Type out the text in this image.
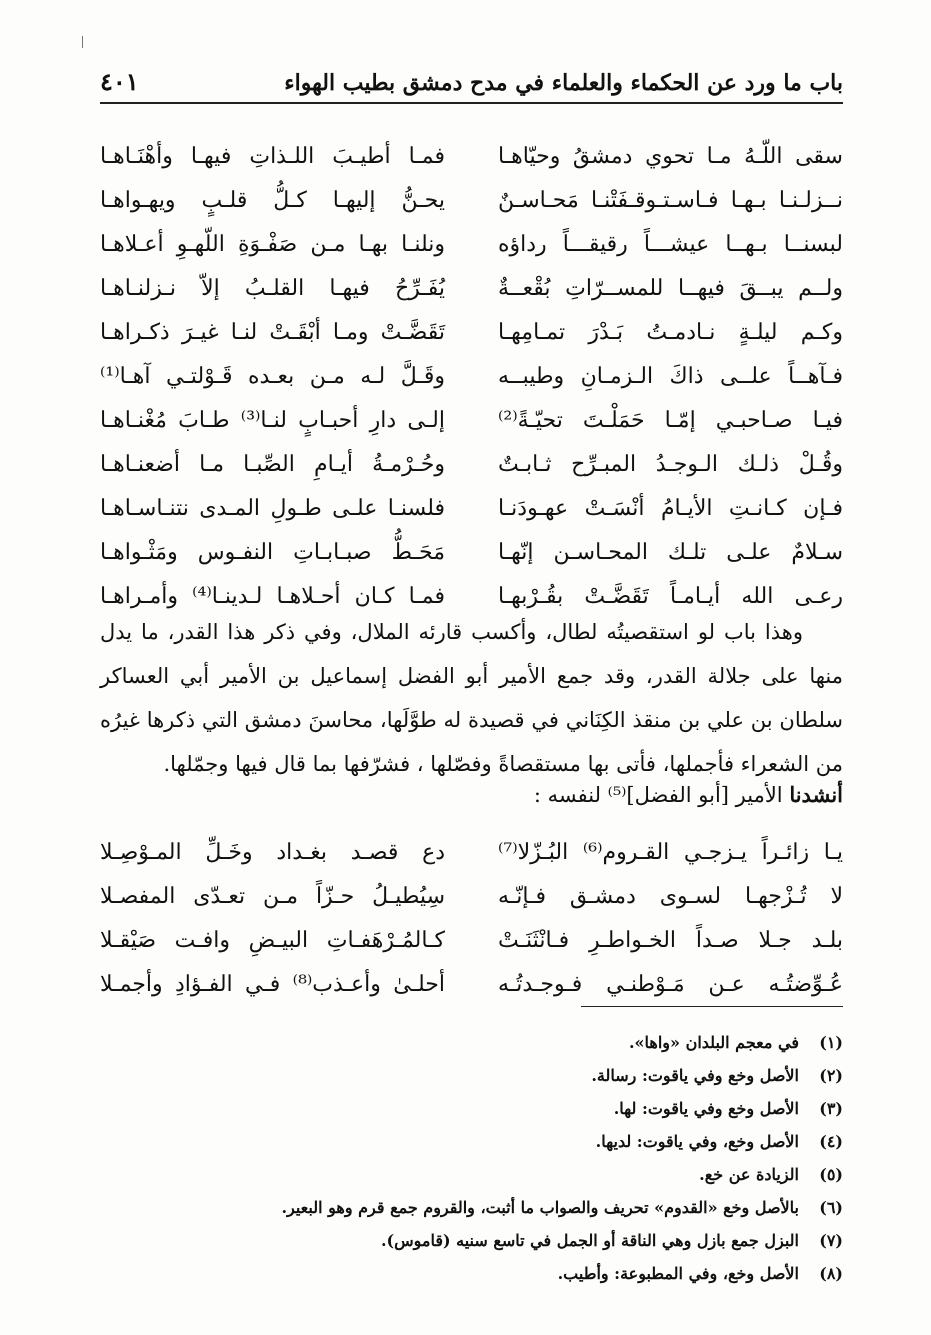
باب ما ورد عن الحكماء والعلماء في مدح دمشق بطيب الهواء
٤٠١
سقى اللّـهُ مـا تحوي دمشقُ وحيّاهـا
فمـا أطيـبَ اللـذاتِ فيهـا وأهْنَـاهـا
نــزلـنـا بـهـا فـاسـتـوقـفَتْنـا مَحـاسـنٌ
يحـنُّ إليهـا كـلُّ قلـبٍ ويهـواهـا
لبسنــا بـهــا عيشـــاً رقيقـــاً رداؤه
ونلنـا بهـا مـن صَفْـوَةِ اللّهـوِ أعـلاهـا
ولــم يبــقَ فيهــا للمســرّاتِ بُقْعــةٌ
يُفَـرِّحُ فيهـا القلـبُ إلاّ نـزلنـاهـا
وكـم ليلـةٍ نـادمـتُ بَـدْرَ تمـامِهـا
تَقَضَّـتْ ومـا أبْقَـتْ لنـا غيـرَ ذكـراهـا
فـآهــاً علــى ذاكَ الـزمـانِ وطيبــه
وقَـلَّ لـه مـن بعـده قَـوْلتـي آهـا⁽¹⁾
فيـا صـاحبـي إمّـا حَمَلْـتَ تحيّـةً⁽²⁾
إلـى دارِ أحبـابٍ لنـا⁽³⁾ طـابَ مُغْنـاهـا
وقُـلْ ذلـك الـوجـدُ المبـرِّح ثـابـتٌ
وحُـرْمـةُ أيـامِ الصِّبـا مـا أضعنـاهـا
فـإن كـانـتِ الأيـامُ أنْسَـتْ عهـودَنـا
فلسنـا علـى طـولِ المـدى نتنـاسـاهـا
سـلامٌ علـى تلـك المحـاسـن إنّهـا
مَحَـطُّ صبـابـاتِ النفـوس ومَثْـواهـا
رعـى الله أيـامـاً تَقَضَّـتْ بقُـرْبهـا
فمـا كـان أحـلاهـا لـدينـا⁽⁴⁾ وأمـراهـا

وهذا باب لو استقصيتُه لطال، وأكسب قارئه الملال، وفي ذكر هذا القدر، ما يدل منها على جلالة القدر، وقد جمع الأمير أبو الفضل إسماعيل بن الأمير أبي العساكر سلطان بن علي بن منقذ الكِنَاني في قصيدة له طوَّلَها، محاسنَ دمشق التي ذكرها غيرُه من الشعراء فأجملها، فأتى بها مستقصاةً وفصّلها ، فشرّفها بما قال فيها وجمّلها.

أنشدنا الأمير [أبو الفضل]⁽⁵⁾ لنفسه :
يـا زائـراً يـزجـي القـروم⁽⁶⁾ البُـزّلا⁽⁷⁾
دع قصـد بغـداد وخَـلِّ المـوْصِـلا
لا تُـزْجهـا لسـوى دمشـق فـإنّـه
سِيُطيـلُ حـزّاً مـن تعـدّى المفصـلا
بلـد جـلا صـداً الخـواطـرِ فـانْثَنَـتْ
كـالمُـرْهَفـاتِ البيـضِ وافـت صَيْقـلا
عُـوِّضتُـه عـن مَـوْطنـي فـوجـدتُـه
أحلـىٰ وأعـذب⁽⁸⁾ فـي الفـؤادِ وأجمـلا
(١)
في معجم البلدان «واها».
(٢)
الأصل وخع وفي ياقوت: رسالة.
(٣)
الأصل وخع وفي ياقوت: لها.
(٤)
الأصل وخع، وفي ياقوت: لديها.
(٥)
الزيادة عن خع.
(٦)
بالأصل وخع «القدوم» تحريف والصواب ما أثبت، والقروم جمع قرم وهو البعير.
(٧)
البزل جمع بازل وهي الناقة أو الجمل في تاسع سنيه (قاموس).
(٨)
الأصل وخع، وفي المطبوعة: وأطيب.
